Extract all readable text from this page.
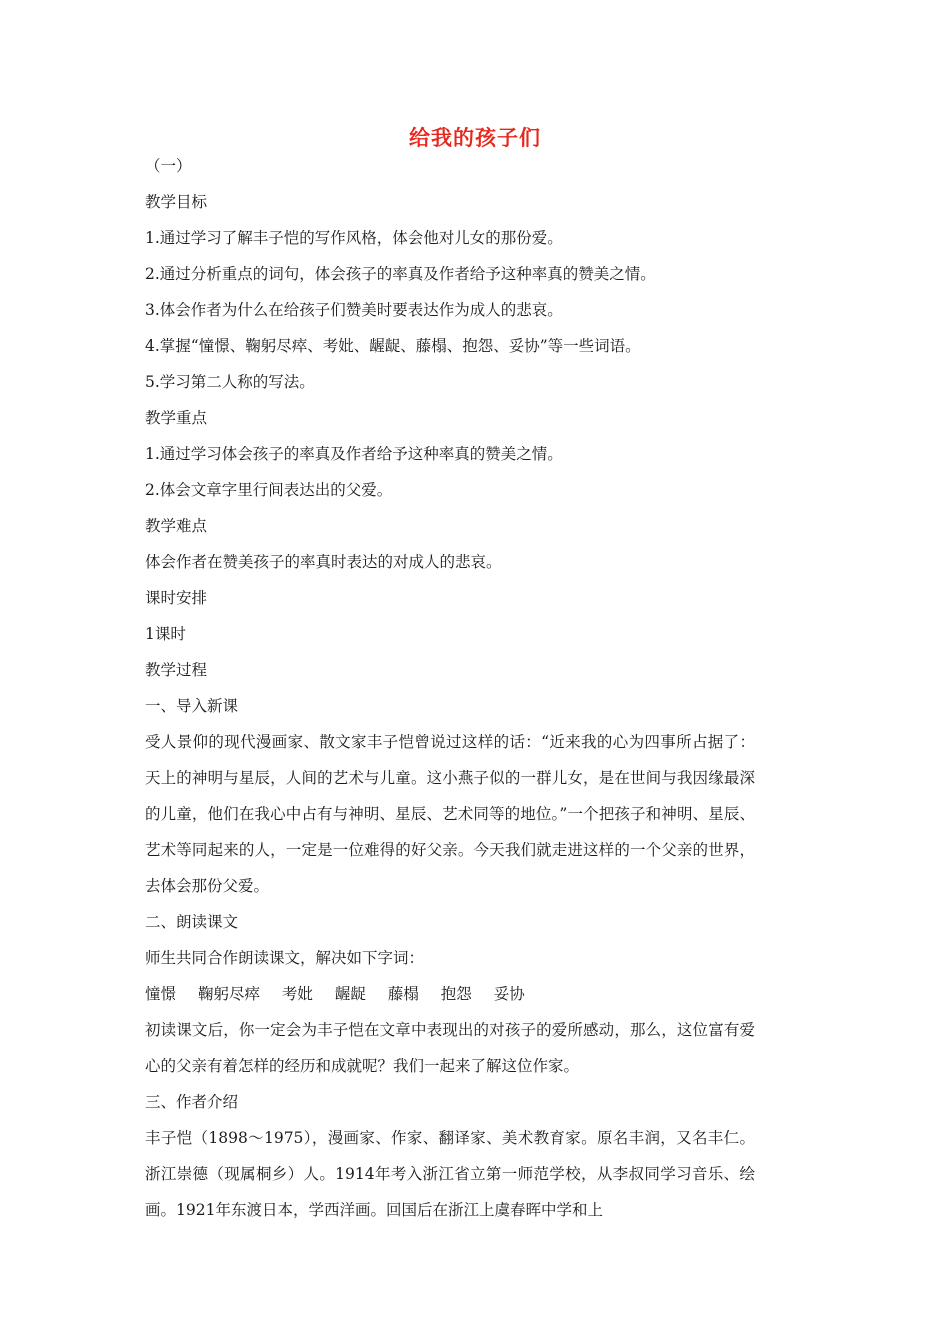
给我的孩子们
（一）
教学目标
1.通过学习了解丰子恺的写作风格，体会他对儿女的那份爱。
2.通过分析重点的词句，体会孩子的率真及作者给予这种率真的赞美之情。
3.体会作者为什么在给孩子们赞美时要表达作为成人的悲哀。
4.掌握“憧憬、鞠躬尽瘁、考妣、龌龊、藤榻、抱怨、妥协”等一些词语。
5.学习第二人称的写法。
教学重点
1.通过学习体会孩子的率真及作者给予这种率真的赞美之情。
2.体会文章字里行间表达出的父爱。
教学难点
体会作者在赞美孩子的率真时表达的对成人的悲哀。
课时安排
1课时
教学过程
一、导入新课
受人景仰的现代漫画家、散文家丰子恺曾说过这样的话：“近来我的心为四事所占据了：天上的神明与星辰，人间的艺术与儿童。这小燕子似的一群儿女，是在世间与我因缘最深的儿童，他们在我心中占有与神明、星辰、艺术同等的地位。”一个把孩子和神明、星辰、艺术等同起来的人，一定是一位难得的好父亲。今天我们就走进这样的一个父亲的世界，去体会那份父爱。
二、朗读课文
师生共同合作朗读课文，解决如下字词：
憧憬 鞠躬尽瘁 考妣 龌龊 藤榻 抱怨 妥协
初读课文后，你一定会为丰子恺在文章中表现出的对孩子的爱所感动，那么，这位富有爱心的父亲有着怎样的经历和成就呢？我们一起来了解这位作家。
三、作者介绍
丰子恺（1898～1975），漫画家、作家、翻译家、美术教育家。原名丰润，又名丰仁。浙江崇德（现属桐乡）人。1914年考入浙江省立第一师范学校，从李叔同学习音乐、绘画。1921年东渡日本，学西洋画。回国后在浙江上虞春晖中学和上
